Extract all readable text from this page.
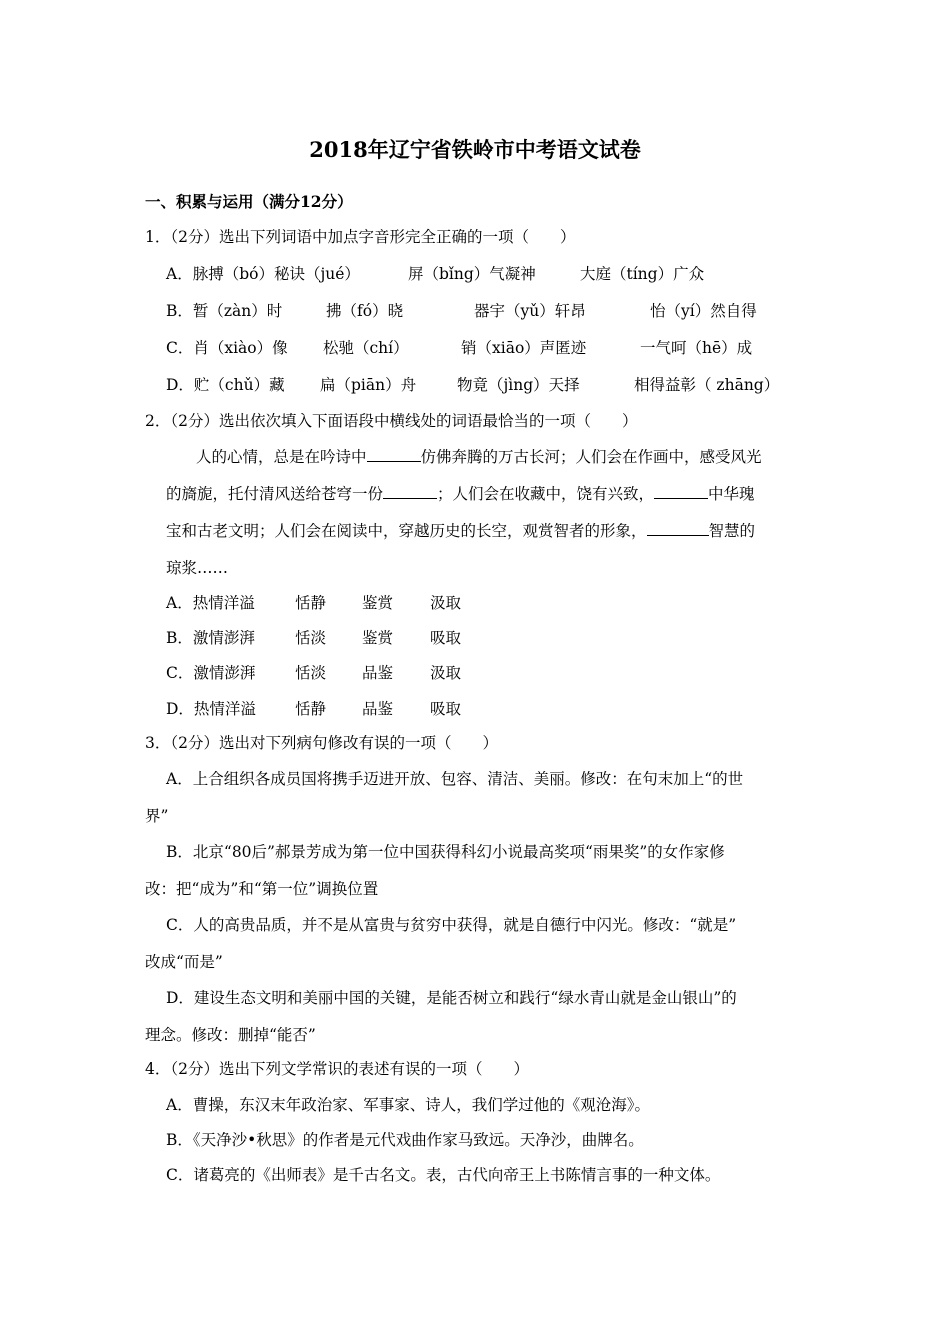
2018年辽宁省铁岭市中考语文试卷
一、积累与运用（满分12分）
1．（2分）选出下列词语中加点字音形完全正确的一项（　　）
A．脉搏（bó）秘诀（jué）	屏（bǐng）气凝神	大庭（tíng）广众
B．暂（zàn）时	拂（fó）晓	器宇（yǔ）轩昂	怡（yí）然自得
C．肖（xiào）像 松驰（chí）	销（xiāo）声匿迹	一气呵（hē）成
D．贮（chǔ）藏 扁（piān）舟	物竟（jìng）天择	相得益彰（ zhāng）
2．（2分）选出依次填入下面语段中横线处的词语最恰当的一项（　　）
人的心情，总是在吟诗中	仿佛奔腾的万古长河；人们会在作画中，感受风光
的旖旎，托付清风送给苍穹一份	；人们会在收藏中，饶有兴致，	中华瑰
宝和古老文明；人们会在阅读中，穿越历史的长空，观赏智者的形象，	智慧的
琼浆……
A．热情洋溢	恬静 鉴赏 汲取
B．激情澎湃	恬淡 鉴赏 吸取
C．激情澎湃	恬淡 品鉴 汲取
D．热情洋溢	恬静 品鉴 吸取
3．（2分）选出对下列病句修改有误的一项（　　）
A．上合组织各成员国将携手迈进开放、包容、清洁、美丽。修改：在句末加上“的世
界”
B．北京“80后”郝景芳成为第一位中国获得科幻小说最高奖项“雨果奖”的女作家修
改：把“成为”和“第一位”调换位置
C．人的高贵品质，并不是从富贵与贫穷中获得，就是自德行中闪光。修改：“就是”
改成“而是”
D．建设生态文明和美丽中国的关键，是能否树立和践行“绿水青山就是金山银山”的
理念。修改：删掉“能否”
4．（2分）选出下列文学常识的表述有误的一项（　　）
A．曹操，东汉末年政治家、军事家、诗人，我们学过他的《观沧海》。
B．《天净沙•秋思》的作者是元代戏曲作家马致远。天净沙，曲牌名。
C．诸葛亮的《出师表》是千古名文。表，古代向帝王上书陈情言事的一种文体。
